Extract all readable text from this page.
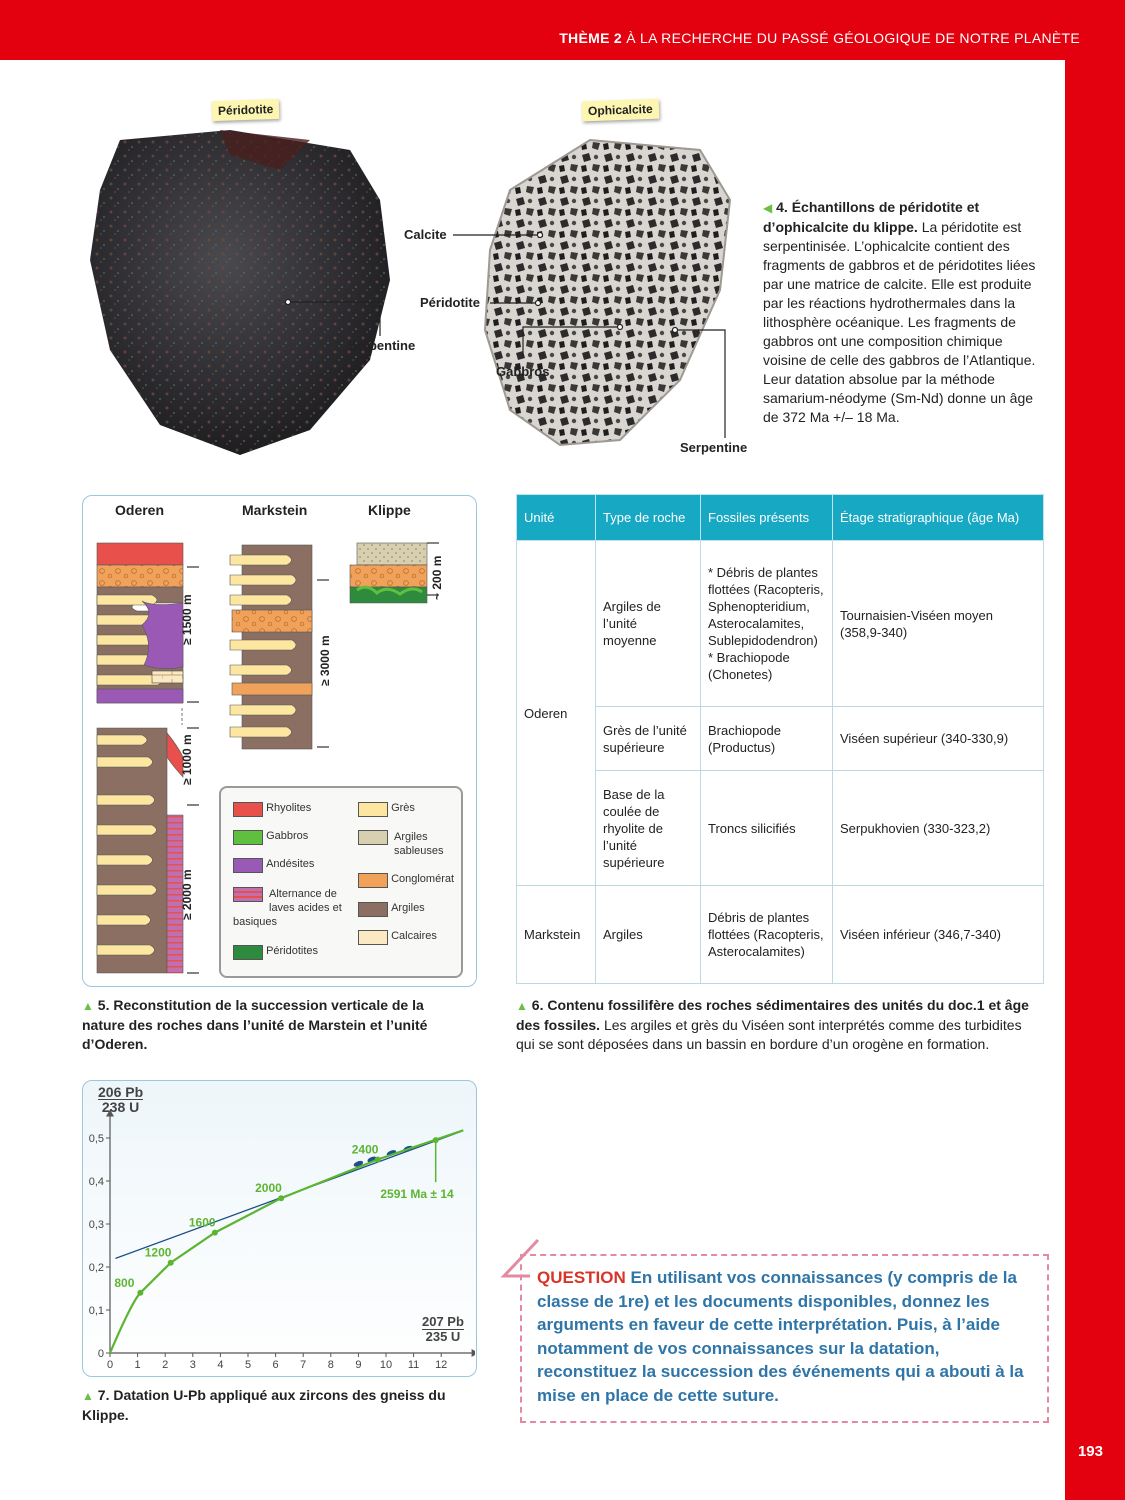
THÈME 2 À LA RECHERCHE DU PASSÉ GÉOLOGIQUE DE NOTRE PLANÈTE
193
Péridotite	Ophicalcite
Serpentine
Calcite
Péridotite
Gabbros
Serpentine
◀ 4. Échantillons de péridotite et d’ophicalcite du klippe. La péridotite est serpentinisée. L’ophicalcite contient des fragments de gabbros et de péridotites liées par une matrice de calcite. Elle est produite par les réactions hydrothermales dans la lithosphère océanique. Les fragments de gabbros ont une composition chimique voisine de celle des gabbros de l’Atlantique. Leur datation absolue par la méthode samarium-néodyme (Sm-Nd) donne un âge de 372 Ma +/– 18 Ma.
Oderen	Markstein	Klippe
≥ 1500 m
≥ 1000 m
≥ 2000 m
≥ 3000 m
~ 200 m
Rhyolites
Gabbros
Andésites
Alternance de laves acides et basiques
Péridotites
Grès
Argiles sableuses
Conglomérat
Argiles
Calcaires
▲ 5. Reconstitution de la succession verticale de la nature des roches dans l’unité de Marstein et l’unité d’Oderen.
Unité	Type de roche	Fossiles présents	Étage stratigraphique (âge Ma)
Oderen	Argiles de l’unité moyenne	* Débris de plantes flottées (Racopteris, Sphenopteridium, Asterocalamites, Sublepidodendron) * Brachiopode (Chonetes)	Tournaisien-Viséen moyen (358,9-340)
	Grès de l’unité supérieure	Brachiopode (Productus)	Viséen supérieur (340-330,9)
	Base de la coulée de rhyolite de l’unité supérieure	Troncs silicifiés	Serpukhovien (330-323,2)
Markstein	Argiles	Débris de plantes flottées (Racopteris, Asterocalamites)	Viséen inférieur (346,7-340)
▲ 6. Contenu fossilifère des roches sédimentaires des unités du doc.1 et âge des fossiles. Les argiles et grès du Viséen sont interprétés comme des turbidites qui se sont déposées dans un bassin en bordure d’un orogène en formation.
0 1 2 3 4 5 6 7 8 9 10 11 12
0
0,1
0,2
0,3
0,4
0,5
800
1200
1600
2000
2400
2591 Ma ± 14
$\frac{206 Pb}{238 U}$
$\frac{207 Pb}{235 U}$
▲ 7. Datation U-Pb appliqué aux zircons des gneiss du Klippe.
QUESTION En utilisant vos connaissances (y compris de la classe de 1re) et les documents disponibles, donnez les arguments en faveur de cette interprétation. Puis, à l’aide notamment de vos connaissances sur la datation, reconstituez la succession des événements qui a abouti à la mise en place de cette suture.
